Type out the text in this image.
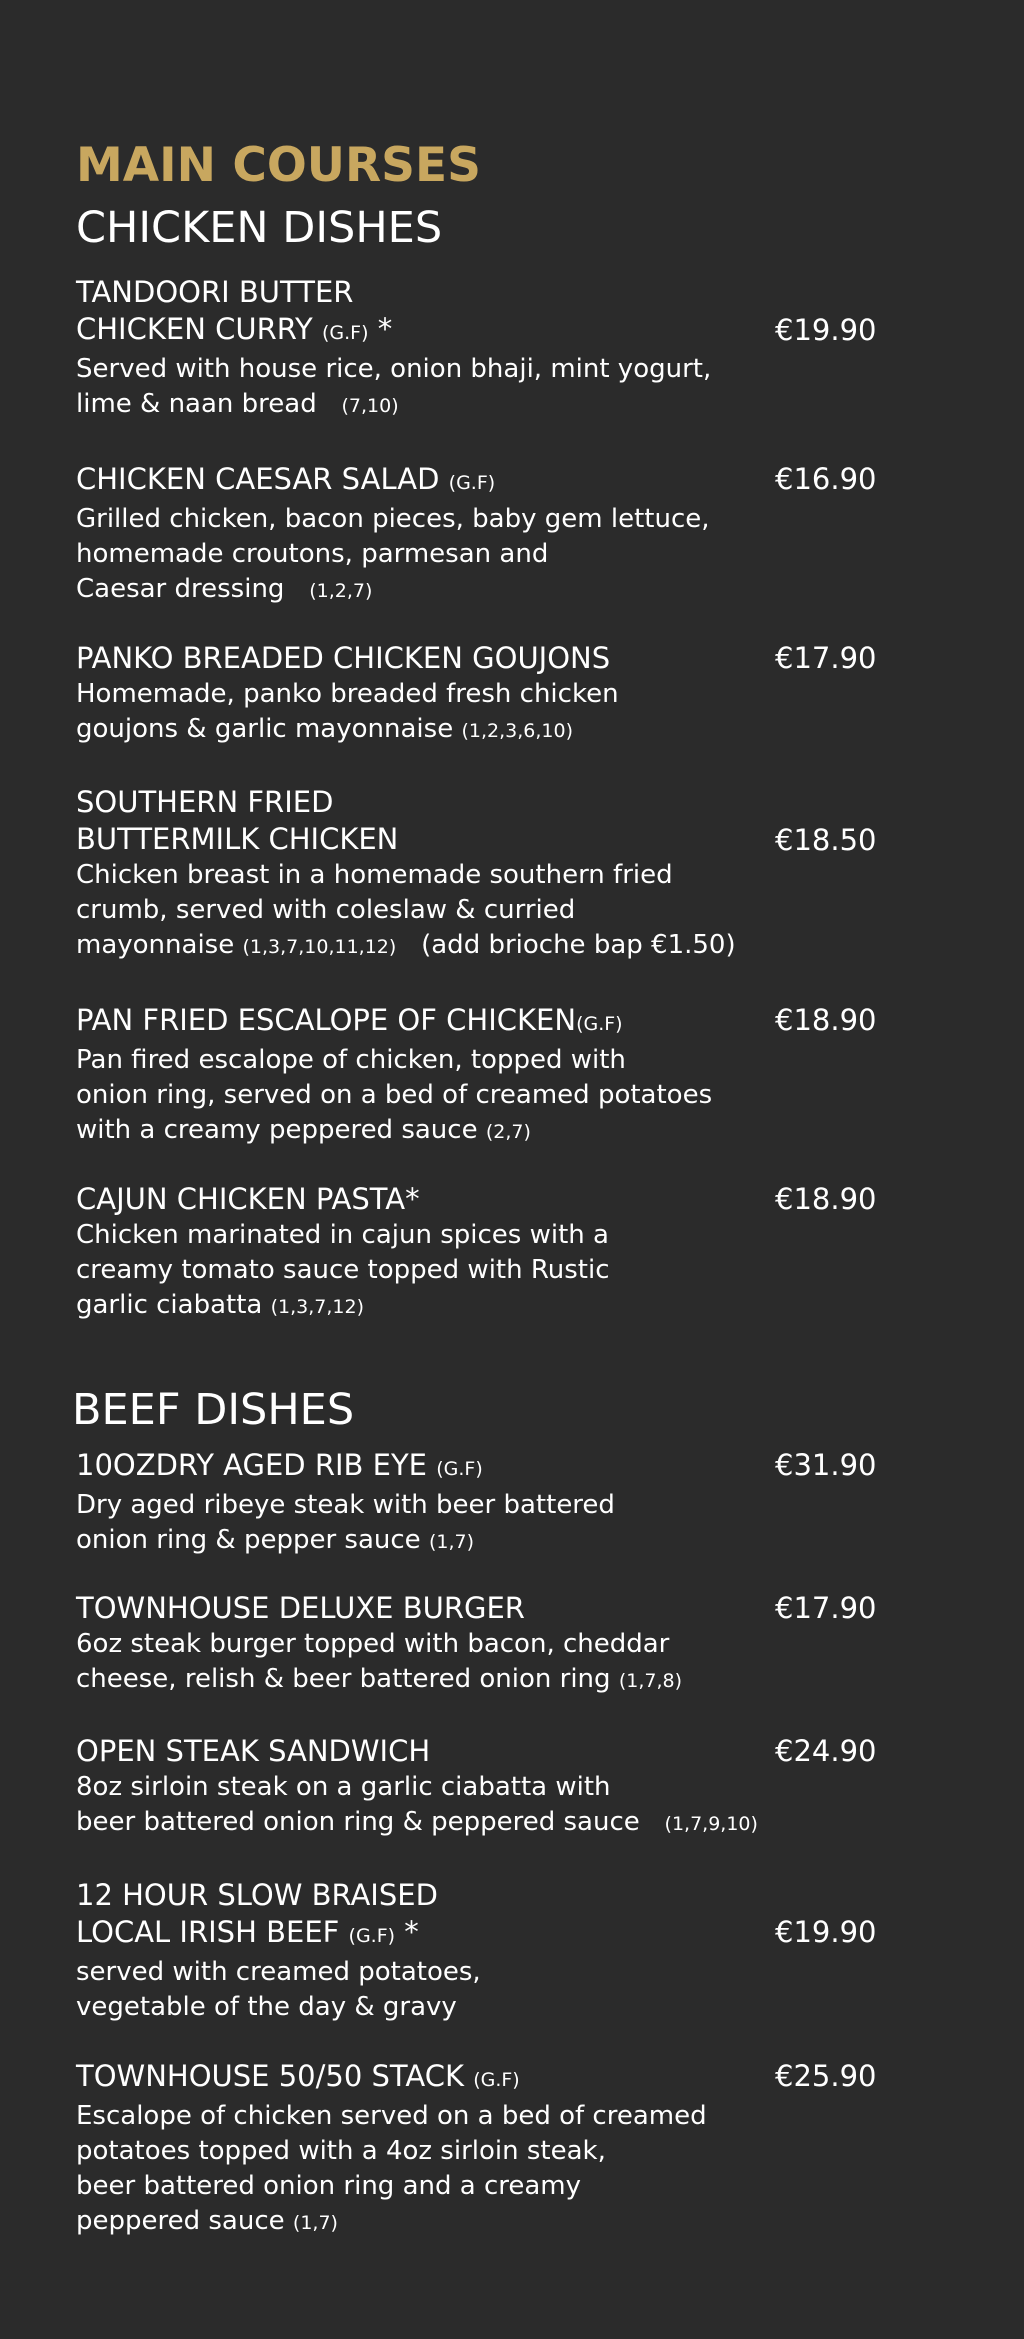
MAIN COURSES
CHICKEN DISHES
TANDOORI BUTTER
CHICKEN CURRY (G.F) *
Served with house rice, onion bhaji, mint yogurt,
lime & naan bread (7,10)
€19.90
CHICKEN CAESAR SALAD (G.F)
Grilled chicken, bacon pieces, baby gem lettuce,
homemade croutons, parmesan and
Caesar dressing (1,2,7)
€16.90
PANKO BREADED CHICKEN GOUJONS
Homemade, panko breaded fresh chicken
goujons & garlic mayonnaise (1,2,3,6,10)
€17.90
SOUTHERN FRIED
BUTTERMILK CHICKEN
Chicken breast in a homemade southern fried
crumb, served with coleslaw & curried
mayonnaise (1,3,7,10,11,12) (add brioche bap €1.50)
€18.50
PAN FRIED ESCALOPE OF CHICKEN(G.F)
Pan fired escalope of chicken, topped with
onion ring, served on a bed of creamed potatoes
with a creamy peppered sauce (2,7)
€18.90
CAJUN CHICKEN PASTA*
Chicken marinated in cajun spices with a
creamy tomato sauce topped with Rustic
garlic ciabatta (1,3,7,12)
€18.90
BEEF DISHES
10OZDRY AGED RIB EYE (G.F)
Dry aged ribeye steak with beer battered
onion ring & pepper sauce (1,7)
€31.90
TOWNHOUSE DELUXE BURGER
6oz steak burger topped with bacon, cheddar
cheese, relish & beer battered onion ring (1,7,8)
€17.90
OPEN STEAK SANDWICH
8oz sirloin steak on a garlic ciabatta with
beer battered onion ring & peppered sauce (1,7,9,10)
€24.90
12 HOUR SLOW BRAISED
LOCAL IRISH BEEF (G.F) *
served with creamed potatoes,
vegetable of the day & gravy
€19.90
TOWNHOUSE 50/50 STACK (G.F)
Escalope of chicken served on a bed of creamed
potatoes topped with a 4oz sirloin steak,
beer battered onion ring and a creamy
peppered sauce (1,7)
€25.90
